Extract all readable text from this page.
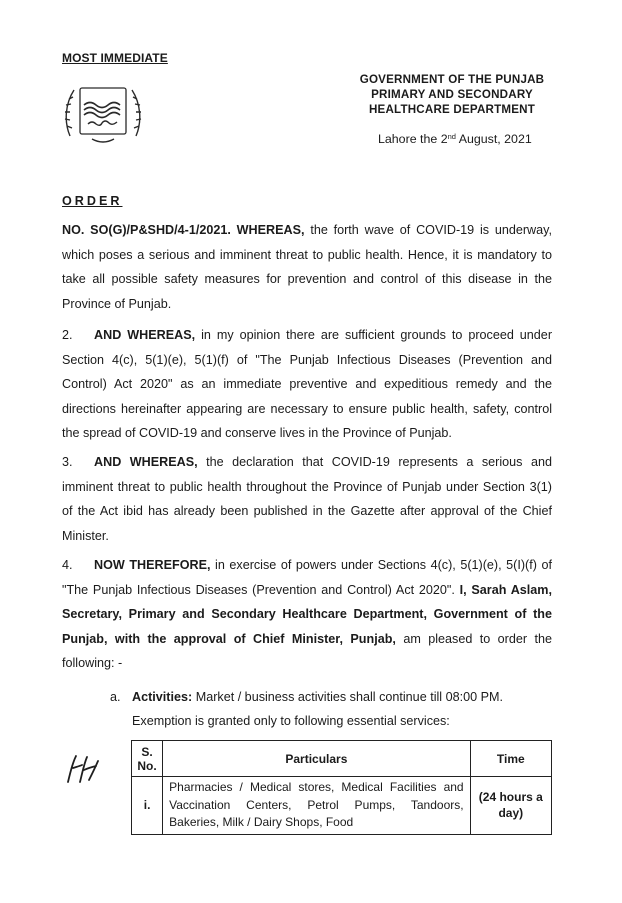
MOST IMMEDIATE
GOVERNMENT OF THE PUNJAB
PRIMARY AND SECONDARY
HEALTHCARE DEPARTMENT
Lahore the 2nd August, 2021
ORDER
NO. SO(G)/P&SHD/4-1/2021. WHEREAS, the forth wave of COVID-19 is underway, which poses a serious and imminent threat to public health. Hence, it is mandatory to take all possible safety measures for prevention and control of this disease in the Province of Punjab.
2. AND WHEREAS, in my opinion there are sufficient grounds to proceed under Section 4(c), 5(1)(e), 5(1)(f) of "The Punjab Infectious Diseases (Prevention and Control) Act 2020" as an immediate preventive and expeditious remedy and the directions hereinafter appearing are necessary to ensure public health, safety, control the spread of COVID-19 and conserve lives in the Province of Punjab.
3. AND WHEREAS, the declaration that COVID-19 represents a serious and imminent threat to public health throughout the Province of Punjab under Section 3(1) of the Act ibid has already been published in the Gazette after approval of the Chief Minister.
4. NOW THEREFORE, in exercise of powers under Sections 4(c), 5(1)(e), 5(I)(f) of "The Punjab Infectious Diseases (Prevention and Control) Act 2020". I, Sarah Aslam, Secretary, Primary and Secondary Healthcare Department, Government of the Punjab, with the approval of Chief Minister, Punjab, am pleased to order the following: -
a. Activities: Market / business activities shall continue till 08:00 PM.
Exemption is granted only to following essential services:
S. No.	Particulars	Time
i.	Pharmacies / Medical stores, Medical Facilities and Vaccination Centers, Petrol Pumps, Tandoors, Bakeries, Milk / Dairy Shops, Food	(24 hours a day)
